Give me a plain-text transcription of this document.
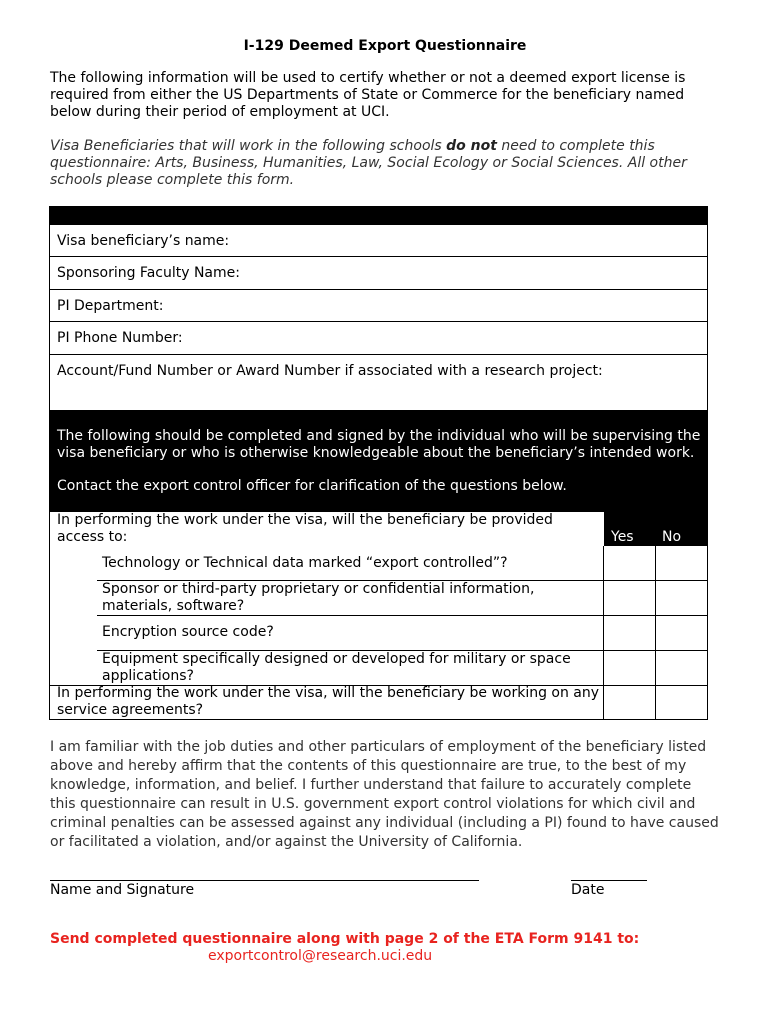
I-129 Deemed Export Questionnaire
The following information will be used to certify whether or not a deemed export license is required from either the US Departments of State or Commerce for the beneficiary named below during their period of employment at UCI.
Visa Beneficiaries that will work in the following schools do not need to complete this questionnaire: Arts, Business, Humanities, Law, Social Ecology or Social Sciences. All other schools please complete this form.
Visa beneficiary’s name:
Sponsoring Faculty Name:
PI Department:
PI Phone Number:
Account/Fund Number or Award Number if associated with a research project:
The following should be completed and signed by the individual who will be supervising the visa beneficiary or who is otherwise knowledgeable about the beneficiary’s intended work.
Contact the export control officer for clarification of the questions below.
Yes No
In performing the work under the visa, will the beneficiary be provided access to:
Technology or Technical data marked “export controlled”?
Sponsor or third-party proprietary or confidential information, materials, software?
Encryption source code?
Equipment specifically designed or developed for military or space applications?
In performing the work under the visa, will the beneficiary be working on any service agreements?
I am familiar with the job duties and other particulars of employment of the beneficiary listed above and hereby affirm that the contents of this questionnaire are true, to the best of my knowledge, information, and belief. I further understand that failure to accurately complete this questionnaire can result in U.S. government export control violations for which civil and criminal penalties can be assessed against any individual (including a PI) found to have caused or facilitated a violation, and/or against the University of California.
Name and Signature	Date
Send completed questionnaire along with page 2 of the ETA Form 9141 to:
exportcontrol@research.uci.edu
